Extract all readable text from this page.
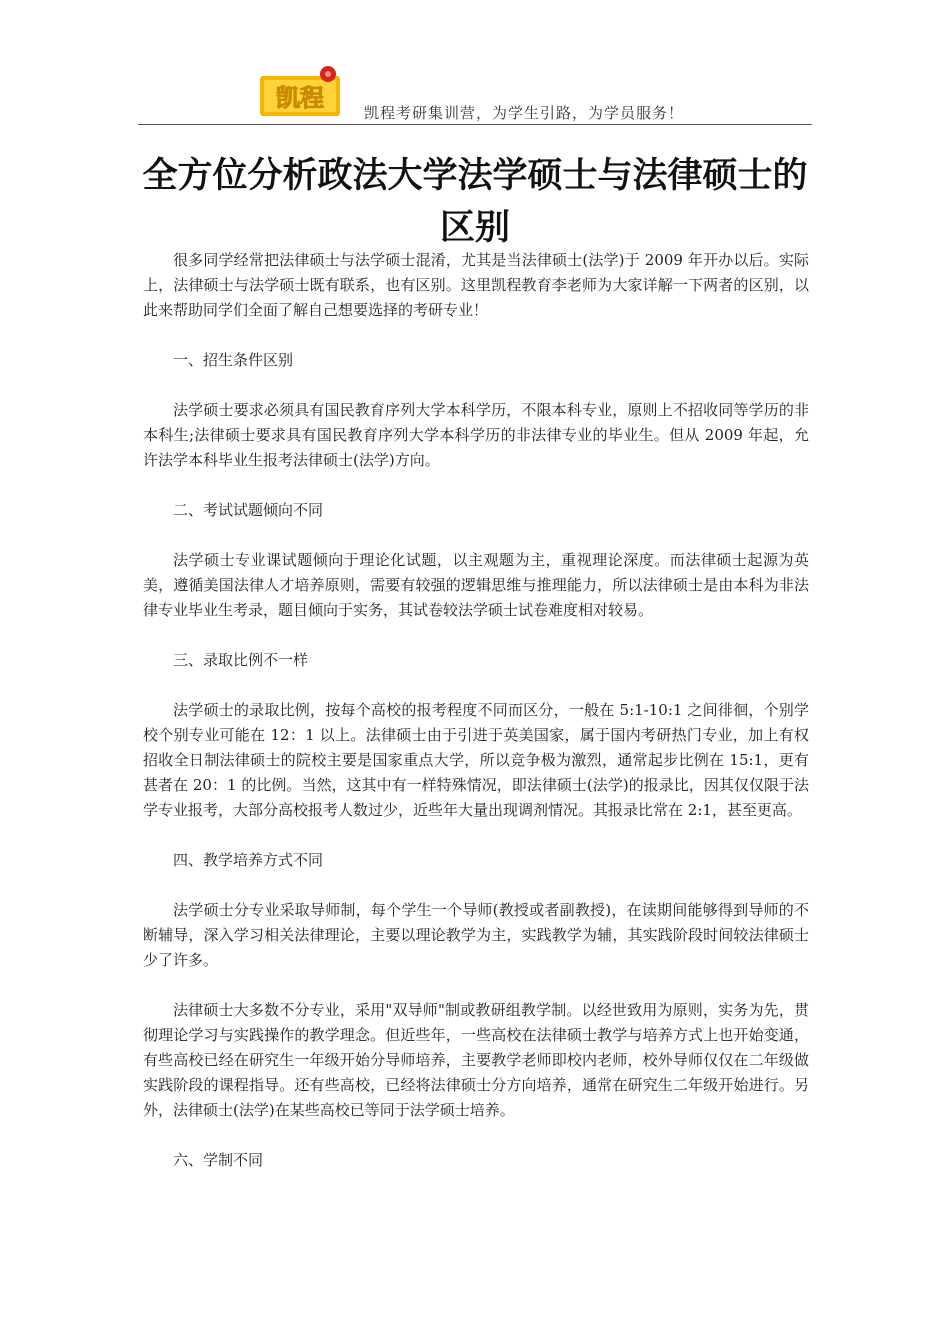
凯程
凯程考研集训营，为学生引路，为学员服务！
全方位分析政法大学法学硕士与法律硕士的区别

很多同学经常把法律硕士与法学硕士混淆，尤其是当法律硕士(法学)于 2009 年开办以后。实际上，法律硕士与法学硕士既有联系，也有区别。这里凯程教育李老师为大家详解一下两者的区别，以此来帮助同学们全面了解自己想要选择的考研专业！

一、招生条件区别

法学硕士要求必须具有国民教育序列大学本科学历，不限本科专业，原则上不招收同等学历的非本科生;法律硕士要求具有国民教育序列大学本科学历的非法律专业的毕业生。但从 2009 年起，允许法学本科毕业生报考法律硕士(法学)方向。

二、考试试题倾向不同

法学硕士专业课试题倾向于理论化试题，以主观题为主，重视理论深度。而法律硕士起源为英美，遵循美国法律人才培养原则，需要有较强的逻辑思维与推理能力，所以法律硕士是由本科为非法律专业毕业生考录，题目倾向于实务，其试卷较法学硕士试卷难度相对较易。

三、录取比例不一样

法学硕士的录取比例，按每个高校的报考程度不同而区分，一般在 5:1-10:1 之间徘徊，个别学校个别专业可能在 12：1 以上。法律硕士由于引进于英美国家，属于国内考研热门专业，加上有权招收全日制法律硕士的院校主要是国家重点大学，所以竞争极为激烈，通常起步比例在 15:1，更有甚者在 20：1 的比例。当然，这其中有一样特殊情况，即法律硕士(法学)的报录比，因其仅仅限于法学专业报考，大部分高校报考人数过少，近些年大量出现调剂情况。其报录比常在 2:1，甚至更高。

四、教学培养方式不同

法学硕士分专业采取导师制，每个学生一个导师(教授或者副教授)，在读期间能够得到导师的不断辅导，深入学习相关法律理论，主要以理论教学为主，实践教学为辅，其实践阶段时间较法律硕士少了许多。

法律硕士大多数不分专业，采用"双导师"制或教研组教学制。以经世致用为原则，实务为先，贯彻理论学习与实践操作的教学理念。但近些年，一些高校在法律硕士教学与培养方式上也开始变通，有些高校已经在研究生一年级开始分导师培养，主要教学老师即校内老师，校外导师仅仅在二年级做实践阶段的课程指导。还有些高校，已经将法律硕士分方向培养，通常在研究生二年级开始进行。另外，法律硕士(法学)在某些高校已等同于法学硕士培养。

六、学制不同
